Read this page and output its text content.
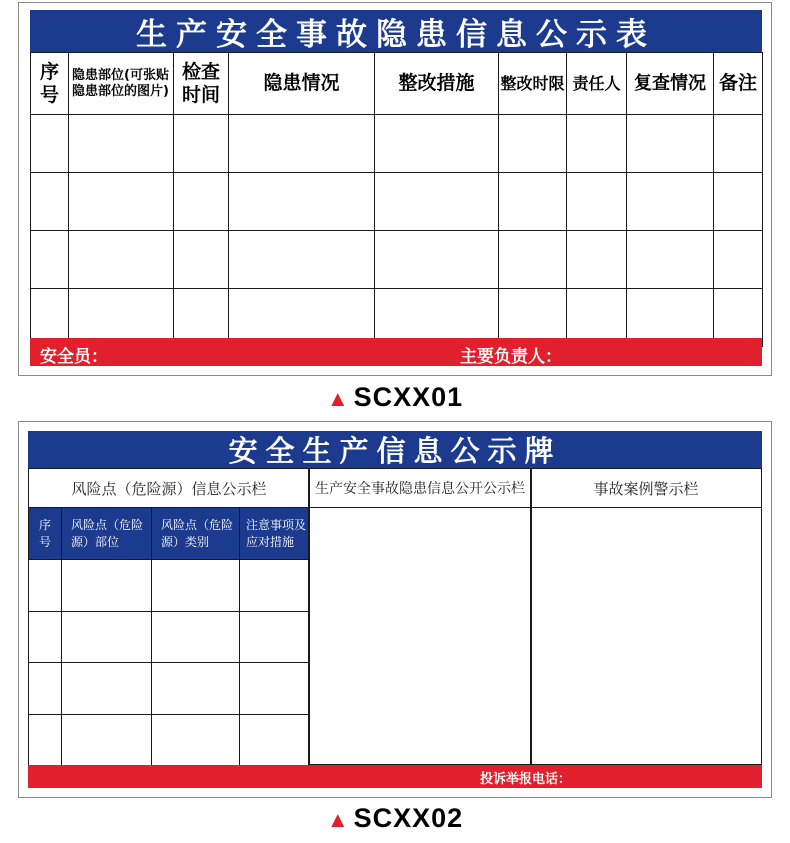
生产安全事故隐患信息公示表
序号	隐患部位(可张贴隐患部位的图片)	检查时间	隐患情况	整改措施	整改时限	责任人	复查情况	备注

安全员：	主要负责人：
▲ SCXX01
安全生产信息公示牌
风险点（危险源）信息公示栏	生产安全事故隐患信息公开公示栏	事故案例警示栏
序号	风险点（危险源）部位	风险点（危险源）类别	注意事项及应对措施

投诉举报电话：
▲ SCXX02
